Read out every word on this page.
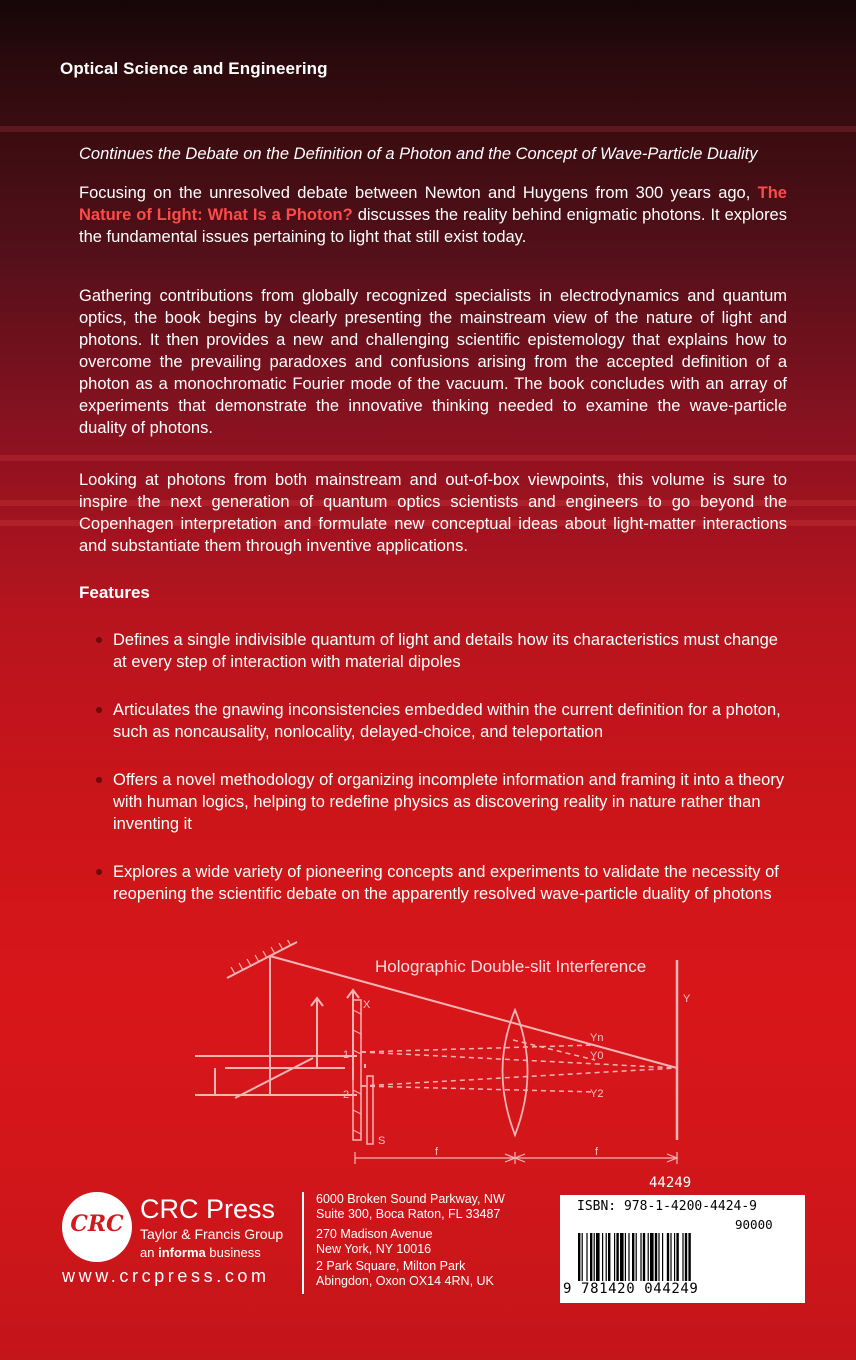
Optical Science and Engineering
Continues the Debate on the Definition of a Photon and the Concept of Wave-Particle Duality
Focusing on the unresolved debate between Newton and Huygens from 300 years ago, The Nature of Light: What Is a Photon? discusses the reality behind enigmatic photons. It explores the fundamental issues pertaining to light that still exist today.
Gathering contributions from globally recognized specialists in electrodynamics and quantum optics, the book begins by clearly presenting the mainstream view of the nature of light and photons. It then provides a new and challenging scientific epistemology that explains how to overcome the prevailing paradoxes and confusions arising from the accepted definition of a photon as a monochromatic Fourier mode of the vacuum. The book concludes with an array of experiments that demonstrate the innovative thinking needed to examine the wave-particle duality of photons.
Looking at photons from both mainstream and out-of-box viewpoints, this volume is sure to inspire the next generation of quantum optics scientists and engineers to go beyond the Copenhagen interpretation and formulate new conceptual ideas about light-matter interactions and substantiate them through inventive applications.
Features
Defines a single indivisible quantum of light and details how its characteristics must change at every step of interaction with material dipoles
Articulates the gnawing inconsistencies embedded within the current definition for a photon, such as noncausality, nonlocality, delayed-choice, and teleportation
Offers a novel methodology of organizing incomplete information and framing it into a theory with human logics, helping to redefine physics as discovering reality in nature rather than inventing it
Explores a wide variety of pioneering concepts and experiments to validate the necessity of reopening the scientific debate on the apparently resolved wave-particle duality of photons
Holographic Double-slit Interference
X	Y
S
1
2
Yn
Y0
Y2
f	f
CRC CRC Press
Taylor & Francis Group
an informa business
www.crcpress.com
6000 Broken Sound Parkway, NW
Suite 300, Boca Raton, FL 33487
270 Madison Avenue
New York, NY 10016
2 Park Square, Milton Park
Abingdon, Oxon OX14 4RN, UK
44249
ISBN: 978-1-4200-4424-9
90000
9 781420 044249
